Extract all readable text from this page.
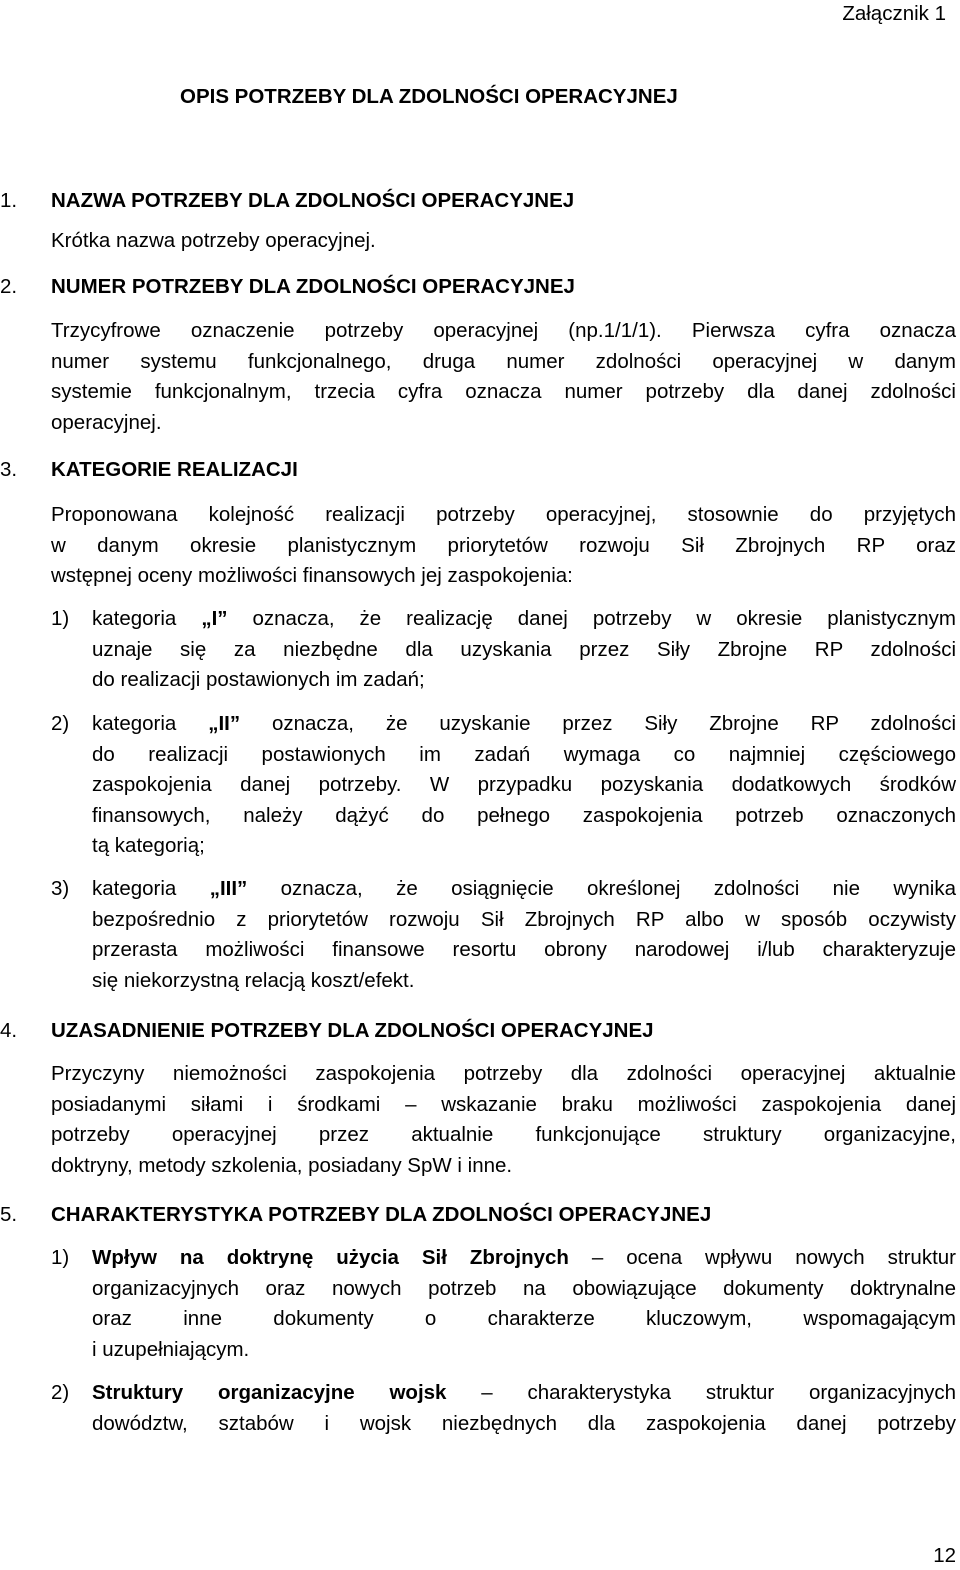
Załącznik 1
OPIS POTRZEBY DLA ZDOLNOŚCI OPERACYJNEJ
1. NAZWA POTRZEBY DLA ZDOLNOŚCI OPERACYJNEJ
Krótka nazwa potrzeby operacyjnej.
2. NUMER POTRZEBY DLA ZDOLNOŚCI OPERACYJNEJ
Trzycyfrowe oznaczenie potrzeby operacyjnej (np.1/1/1). Pierwsza cyfra oznacza
numer systemu funkcjonalnego, druga numer zdolności operacyjnej w danym
systemie funkcjonalnym, trzecia cyfra oznacza numer potrzeby dla danej zdolności
operacyjnej.
3. KATEGORIE REALIZACJI
Proponowana kolejność realizacji potrzeby operacyjnej, stosownie do przyjętych
w danym okresie planistycznym priorytetów rozwoju Sił Zbrojnych RP oraz
wstępnej oceny możliwości finansowych jej zaspokojenia:
1) kategoria „I” oznacza, że realizację danej potrzeby w okresie planistycznym
uznaje się za niezbędne dla uzyskania przez Siły Zbrojne RP zdolności
do realizacji postawionych im zadań;
2) kategoria „II” oznacza, że uzyskanie przez Siły Zbrojne RP zdolności
do realizacji postawionych im zadań wymaga co najmniej częściowego
zaspokojenia danej potrzeby. W przypadku pozyskania dodatkowych środków
finansowych, należy dążyć do pełnego zaspokojenia potrzeb oznaczonych
tą kategorią;
3) kategoria „III” oznacza, że osiągnięcie określonej zdolności nie wynika
bezpośrednio z priorytetów rozwoju Sił Zbrojnych RP albo w sposób oczywisty
przerasta możliwości finansowe resortu obrony narodowej i/lub charakteryzuje
się niekorzystną relacją koszt/efekt.
4. UZASADNIENIE POTRZEBY DLA ZDOLNOŚCI OPERACYJNEJ
Przyczyny niemożności zaspokojenia potrzeby dla zdolności operacyjnej aktualnie
posiadanymi siłami i środkami – wskazanie braku możliwości zaspokojenia danej
potrzeby operacyjnej przez aktualnie funkcjonujące struktury organizacyjne,
doktryny, metody szkolenia, posiadany SpW i inne.
5. CHARAKTERYSTYKA POTRZEBY DLA ZDOLNOŚCI OPERACYJNEJ
1) Wpływ na doktrynę użycia Sił Zbrojnych – ocena wpływu nowych struktur
organizacyjnych oraz nowych potrzeb na obowiązujące dokumenty doktrynalne
oraz inne dokumenty o charakterze kluczowym, wspomagającym
i uzupełniającym.
2) Struktury organizacyjne wojsk – charakterystyka struktur organizacyjnych
dowództw, sztabów i wojsk niezbędnych dla zaspokojenia danej potrzeby
12
